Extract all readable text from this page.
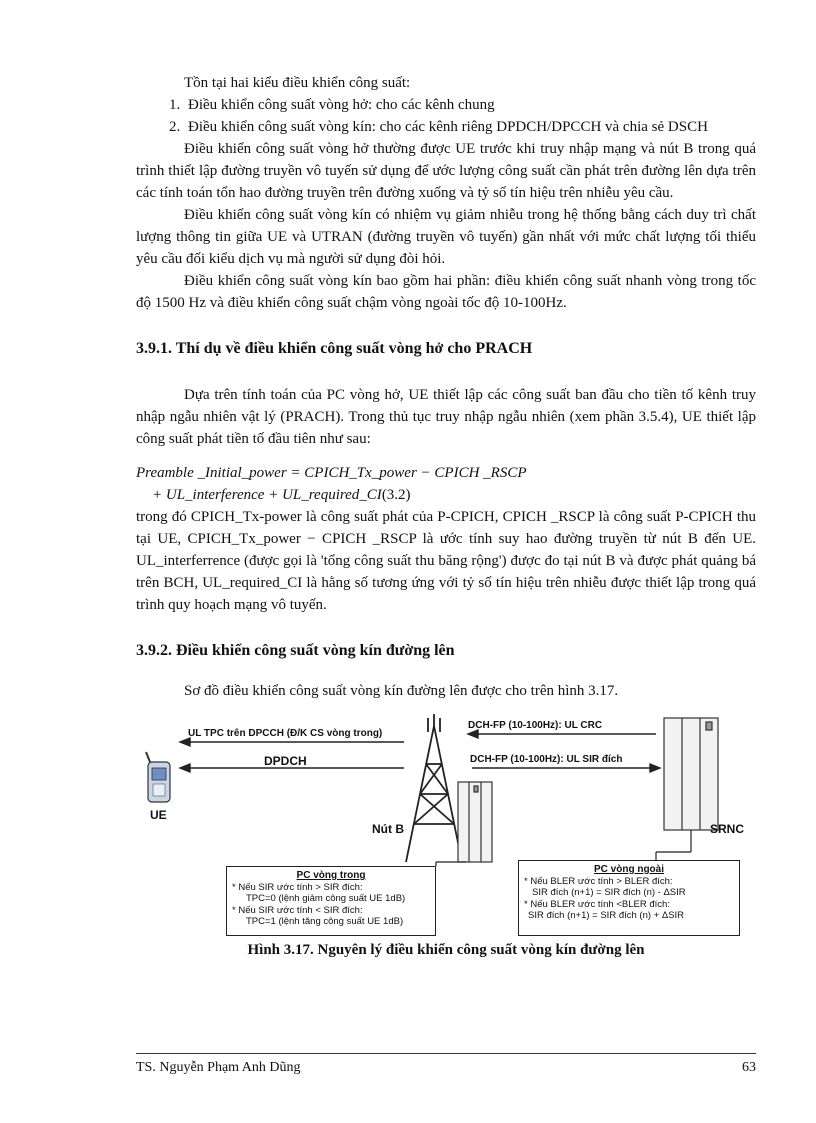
Tồn tại hai kiểu điều khiển công suất:

1. Điều khiển công suất vòng hở: cho các kênh chung
2. Điều khiển công suất vòng kín: cho các kênh riêng DPDCH/DPCCH và chia sẻ DSCH

Điều khiển công suất vòng hở thường được UE trước khi truy nhập mạng và nút B trong quá trình thiết lập đường truyền vô tuyến sử dụng để ước lượng công suất cần phát trên đường lên dựa trên các tính toán tổn hao đường truyền trên đường xuống và tỷ số tín hiệu trên nhiễu yêu cầu.

Điều khiển công suất vòng kín có nhiệm vụ giảm nhiễu trong hệ thống bằng cách duy trì chất lượng thông tin giữa UE và UTRAN (đường truyền vô tuyến) gần nhất với mức chất lượng tối thiểu yêu cầu đối kiểu dịch vụ mà người sử dụng đòi hỏi.

Điều khiển công suất vòng kín bao gồm hai phần: điều khiển công suất nhanh vòng trong tốc độ 1500 Hz và điều khiển công suất chậm vòng ngoài tốc độ 10-100Hz.

3.9.1. Thí dụ về điều khiển công suất vòng hở cho PRACH

Dựa trên tính toán của PC vòng hở, UE thiết lập các công suất ban đầu cho tiền tố kênh truy nhập ngẫu nhiên vật lý (PRACH). Trong thủ tục truy nhập ngẫu nhiên (xem phần 3.5.4), UE thiết lập công suất phát tiền tố đầu tiên như sau:

Preamble _Initial_power = CPICH_Tx_power − CPICH _RSCP
+ UL_interference + UL_required_CI(3.2)

trong đó CPICH_Tx-power là công suất phát của P-CPICH, CPICH _RSCP là công suất P-CPICH thu tại UE, CPICH_Tx_power − CPICH _RSCP là ước tính suy hao đường truyền từ nút B đến UE. UL_interferrence (được gọi là 'tổng công suất thu băng rộng') được đo tại nút B và được phát quảng bá trên BCH, UL_required_CI là hằng số tương ứng với tỷ số tín hiệu trên nhiễu được thiết lập trong quá trình quy hoạch mạng vô tuyến.

3.9.2. Điều khiển công suất vòng kín đường lên

Sơ đồ điều khiển công suất vòng kín đường lên được cho trên hình 3.17.

UL TPC trên DPCCH (Đ/K CS vòng trong)
DPDCH
UE
Nút B	SRNC
DCH-FP (10-100Hz): UL CRC
DCH-FP (10-100Hz): UL SIR đích
PC vòng trong
* Nếu SIR ước tính > SIR đích:
TPC=0 (lệnh giảm công suất UE 1dB)
* Nếu SIR ước tính < SIR đích:
TPC=1 (lệnh tăng công suất UE 1dB)
PC vòng ngoài
* Nếu BLER ước tính > BLER đích:
SIR đích (n+1) = SIR đích (n) - ΔSIR
* Nếu BLER ước tính <BLER đích:
SIR đích (n+1) = SIR đích (n) + ΔSIR
Hình 3.17. Nguyên lý điều khiển công suất vòng kín đường lên
TS. Nguyễn Phạm Anh Dũng	63
